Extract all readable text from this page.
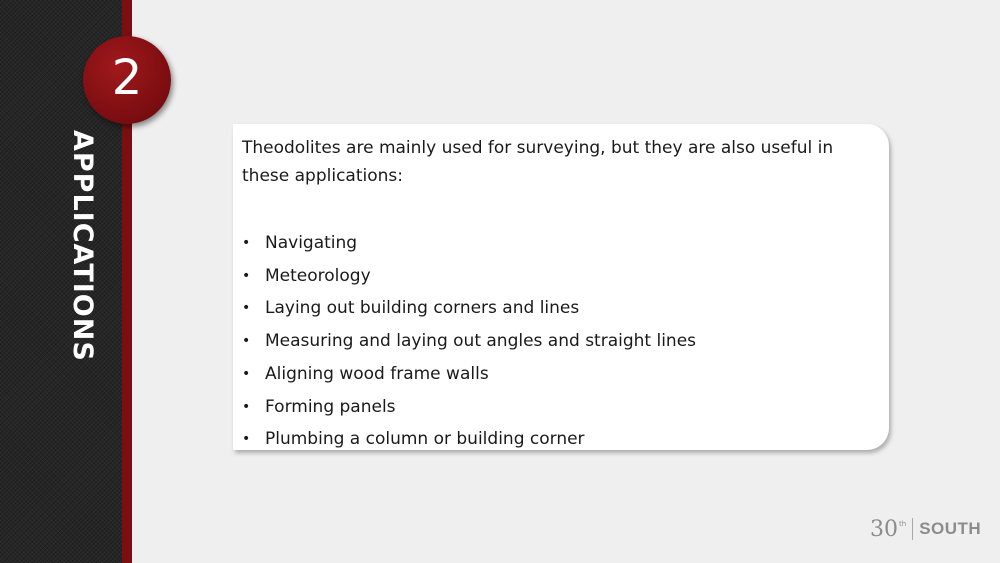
2
APPLICATIONS	Theodolites are mainly used for surveying, but they are also useful in these applications:

• Navigating
• Meteorology
• Laying out building corners and lines
• Measuring and laying out angles and straight lines
• Aligning wood frame walls
• Forming panels
• Plumbing a column or building corner
30 th SOUTH
